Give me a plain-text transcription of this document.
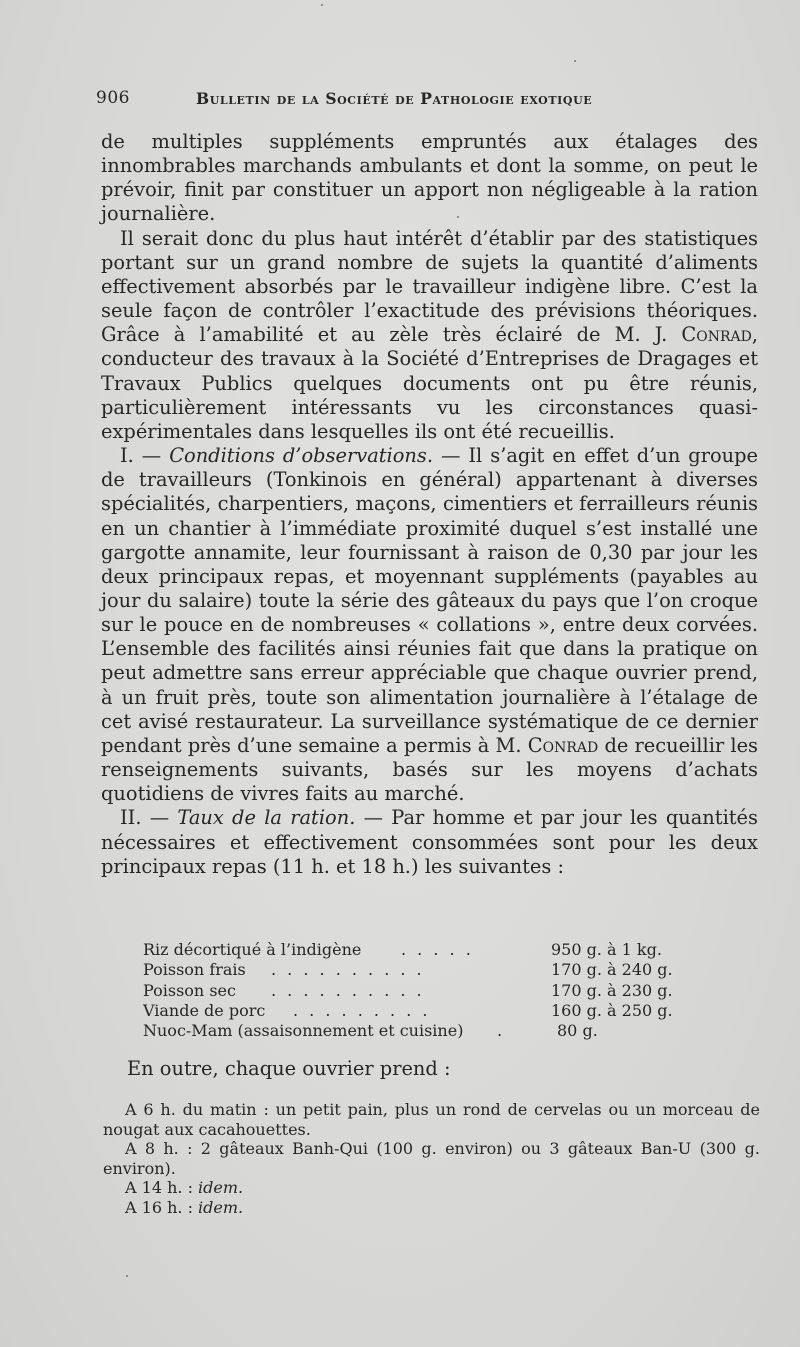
906	Bulletin de la Société de Pathologie exotique

de multiples suppléments empruntés aux étalages des innombrables marchands ambulants et dont la somme, on peut le prévoir, finit par constituer un apport non négligeable à la ration journalière.

Il serait donc du plus haut intérêt d’établir par des statistiques portant sur un grand nombre de sujets la quantité d’aliments effectivement absorbés par le travailleur indigène libre. C’est la seule façon de contrôler l’exactitude des prévisions théoriques. Grâce à l’amabilité et au zèle très éclairé de M. J. Conrad, conducteur des travaux à la Société d’Entreprises de Dragages et Travaux Publics quelques documents ont pu être réunis, particulièrement intéressants vu les circonstances quasi-expérimentales dans lesquelles ils ont été recueillis.

I. — Conditions d’observations. — Il s’agit en effet d’un groupe de travailleurs (Tonkinois en général) appartenant à diverses spécialités, charpentiers, maçons, cimentiers et ferrailleurs réunis en un chantier à l’immédiate proximité duquel s’est installé une gargotte annamite, leur fournissant à raison de 0,30 par jour les deux principaux repas, et moyennant suppléments (payables au jour du salaire) toute la série des gâteaux du pays que l’on croque sur le pouce en de nombreuses « collations », entre deux corvées. L’ensemble des facilités ainsi réunies fait que dans la pratique on peut admettre sans erreur appréciable que chaque ouvrier prend, à un fruit près, toute son alimentation journalière à l’étalage de cet avisé restaurateur. La surveillance systématique de ce dernier pendant près d’une semaine a permis à M. Conrad de recueillir les renseignements suivants, basés sur les moyens d’achats quotidiens de vivres faits au marché.

II. — Taux de la ration. — Par homme et par jour les quantités nécessaires et effectivement consommées sont pour les deux principaux repas (11 h. et 18 h.) les suivantes :

Riz décortiqué à l’indigène . . . . .	950 g. à 1 kg.
Poisson frais . . . . . . . . . .	170 g. à 240 g.
Poisson sec . . . . . . . . . .	170 g. à 230 g.
Viande de porc . . . . . . . . .	160 g. à 250 g.
Nuoc-Mam (assaisonnement et cuisine) .	80 g.
En outre, chaque ouvrier prend :

A 6 h. du matin : un petit pain, plus un rond de cervelas ou un morceau de nougat aux cacahouettes.

A 8 h. : 2 gâteaux Banh-Qui (100 g. environ) ou 3 gâteaux Ban-U (300 g. environ).

A 14 h. : idem.

A 16 h. : idem.
